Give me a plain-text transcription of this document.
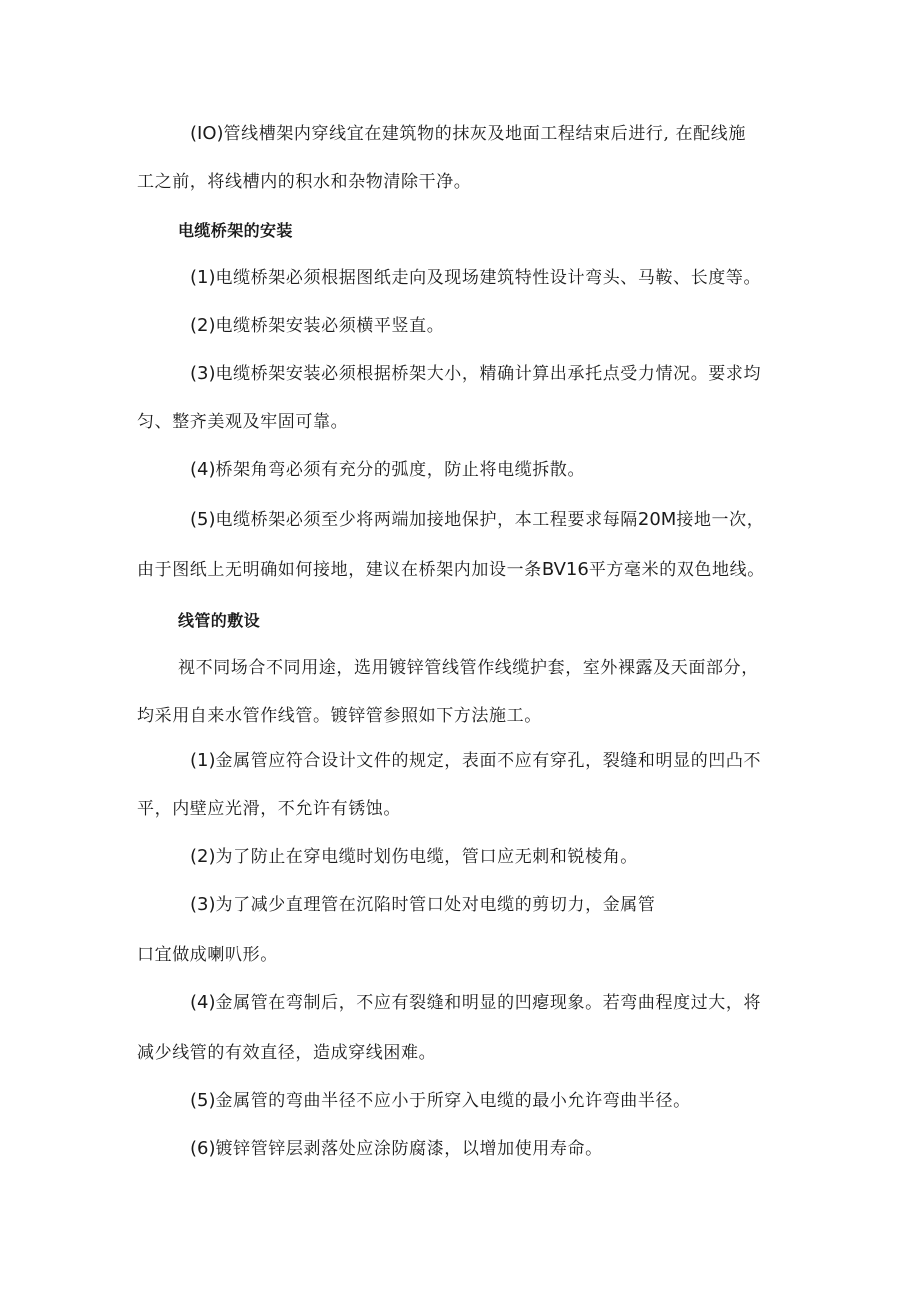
(IO)管线槽架内穿线宜在建筑物的抹灰及地面工程结束后进行, 在配线施
工之前，将线槽内的积水和杂物清除干净。
电缆桥架的安装
(1)电缆桥架必须根据图纸走向及现场建筑特性设计弯头、马鞍、长度等。
(2)电缆桥架安装必须横平竖直。
(3)电缆桥架安装必须根据桥架大小，精确计算出承托点受力情况。要求均
匀、整齐美观及牢固可靠。
(4)桥架角弯必须有充分的弧度，防止将电缆拆散。
(5)电缆桥架必须至少将两端加接地保护，本工程要求每隔20M接地一次，
由于图纸上无明确如何接地，建议在桥架内加设一条BV16平方毫米的双色地线。
线管的敷设
视不同场合不同用途，选用镀锌管线管作线缆护套，室外裸露及天面部分，
均采用自来水管作线管。镀锌管参照如下方法施工。
(1)金属管应符合设计文件的规定，表面不应有穿孔，裂缝和明显的凹凸不
平，内壁应光滑，不允许有锈蚀。
(2)为了防止在穿电缆时划伤电缆，管口应无刺和锐棱角。
(3)为了减少直理管在沉陷时管口处对电缆的剪切力，金属管
口宜做成喇叭形。
(4)金属管在弯制后，不应有裂缝和明显的凹瘪现象。若弯曲程度过大，将
减少线管的有效直径，造成穿线困难。
(5)金属管的弯曲半径不应小于所穿入电缆的最小允许弯曲半径。
(6)镀锌管锌层剥落处应涂防腐漆，以增加使用寿命。
